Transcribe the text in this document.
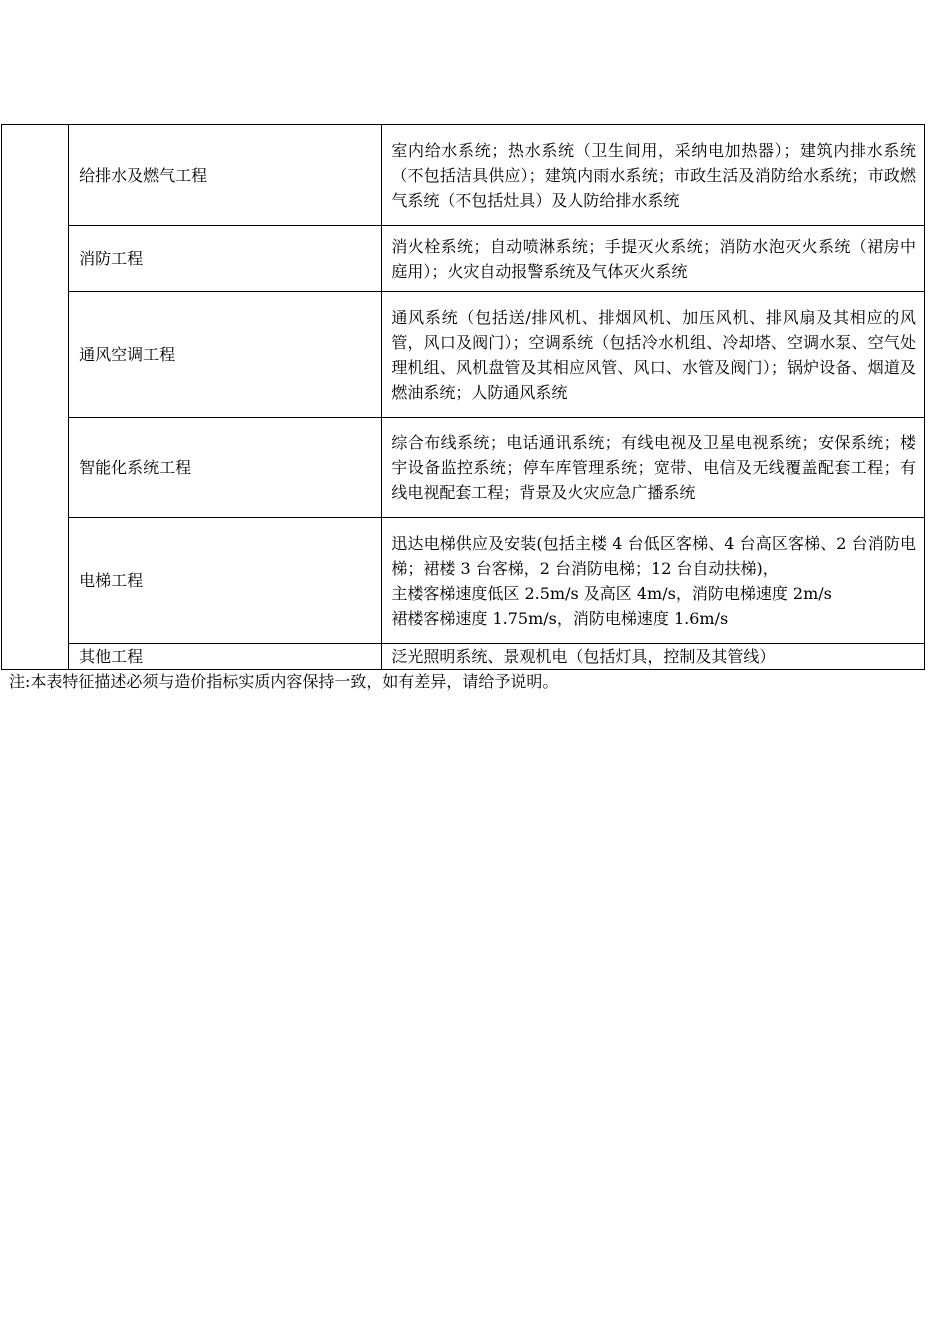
	给排水及燃气工程	室内给水系统；热水系统（卫生间用，采纳电加热器）；建筑内排水系统（不包括洁具供应）；建筑内雨水系统；市政生活及消防给水系统；市政燃气系统（不包括灶具）及人防给排水系统
	消防工程	消火栓系统；自动喷淋系统；手提灭火系统；消防水泡灭火系统（裙房中庭用）；火灾自动报警系统及气体灭火系统
	通风空调工程	通风系统（包括送/排风机、排烟风机、加压风机、排风扇及其相应的风管，风口及阀门）；空调系统（包括冷水机组、冷却塔、空调水泵、空气处理机组、风机盘管及其相应风管、风口、水管及阀门）；锅炉设备、烟道及燃油系统；人防通风系统
	智能化系统工程	综合布线系统；电话通讯系统；有线电视及卫星电视系统；安保系统；楼宇设备监控系统；停车库管理系统；宽带、电信及无线覆盖配套工程；有线电视配套工程；背景及火灾应急广播系统
	电梯工程	迅达电梯供应及安装(包括主楼 4 台低区客梯、4 台高区客梯、2 台消防电梯；裙楼 3 台客梯，2 台消防电梯；12 台自动扶梯)，
主楼客梯速度低区 2.5m/s 及高区 4m/s，消防电梯速度 2m/s
裙楼客梯速度 1.75m/s，消防电梯速度 1.6m/s

	其他工程	泛光照明系统、景观机电（包括灯具，控制及其管线）
注:本表特征描述必须与造价指标实质内容保持一致，如有差异，请给予说明。
